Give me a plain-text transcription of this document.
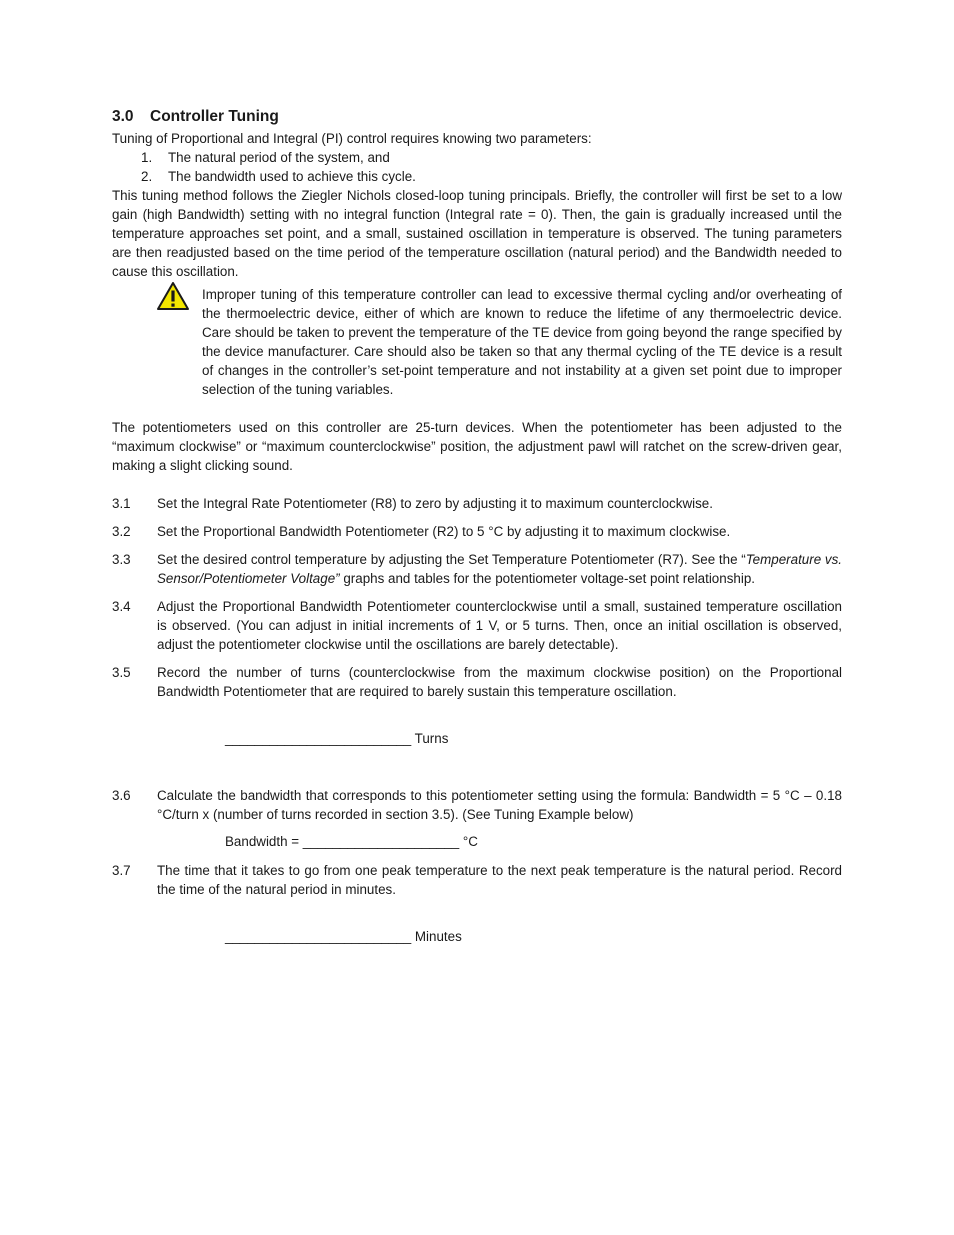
3.0 Controller Tuning

Tuning of Proportional and Integral (PI) control requires knowing two parameters:

1. The natural period of the system, and
2. The bandwidth used to achieve this cycle.

This tuning method follows the Ziegler Nichols closed-loop tuning principals. Briefly, the controller will first be set to a low gain (high Bandwidth) setting with no integral function (Integral rate = 0). Then, the gain is gradually increased until the temperature approaches set point, and a small, sustained oscillation in temperature is observed. The tuning parameters are then readjusted based on the time period of the temperature oscillation (natural period) and the Bandwidth needed to cause this oscillation.

Improper tuning of this temperature controller can lead to excessive thermal cycling and/or overheating of the thermoelectric device, either of which are known to reduce the lifetime of any thermoelectric device. Care should be taken to prevent the temperature of the TE device from going beyond the range specified by the device manufacturer. Care should also be taken so that any thermal cycling of the TE device is a result of changes in the controller’s set-point temperature and not instability at a given set point due to improper selection of the tuning variables.

The potentiometers used on this controller are 25-turn devices. When the potentiometer has been adjusted to the “maximum clockwise” or “maximum counterclockwise” position, the adjustment pawl will ratchet on the screw-driven gear, making a slight clicking sound.

3.1 Set the Integral Rate Potentiometer (R8) to zero by adjusting it to maximum counterclockwise.

3.2 Set the Proportional Bandwidth Potentiometer (R2) to 5 °C by adjusting it to maximum clockwise.

3.3 Set the desired control temperature by adjusting the Set Temperature Potentiometer (R7). See the “Temperature vs. Sensor/Potentiometer Voltage” graphs and tables for the potentiometer voltage-set point relationship.

3.4 Adjust the Proportional Bandwidth Potentiometer counterclockwise until a small, sustained temperature oscillation is observed. (You can adjust in initial increments of 1 V, or 5 turns. Then, once an initial oscillation is observed, adjust the potentiometer clockwise until the oscillations are barely detectable).

3.5 Record the number of turns (counterclockwise from the maximum clockwise position) on the Proportional Bandwidth Potentiometer that are required to barely sustain this temperature oscillation.

_________________________ Turns
3.6 Calculate the bandwidth that corresponds to this potentiometer setting using the formula: Bandwidth = 5 °C – 0.18 °C/turn x (number of turns recorded in section 3.5). (See Tuning Example below)

Bandwidth = _____________________ °C
3.7 The time that it takes to go from one peak temperature to the next peak temperature is the natural period. Record the time of the natural period in minutes.

_________________________ Minutes
